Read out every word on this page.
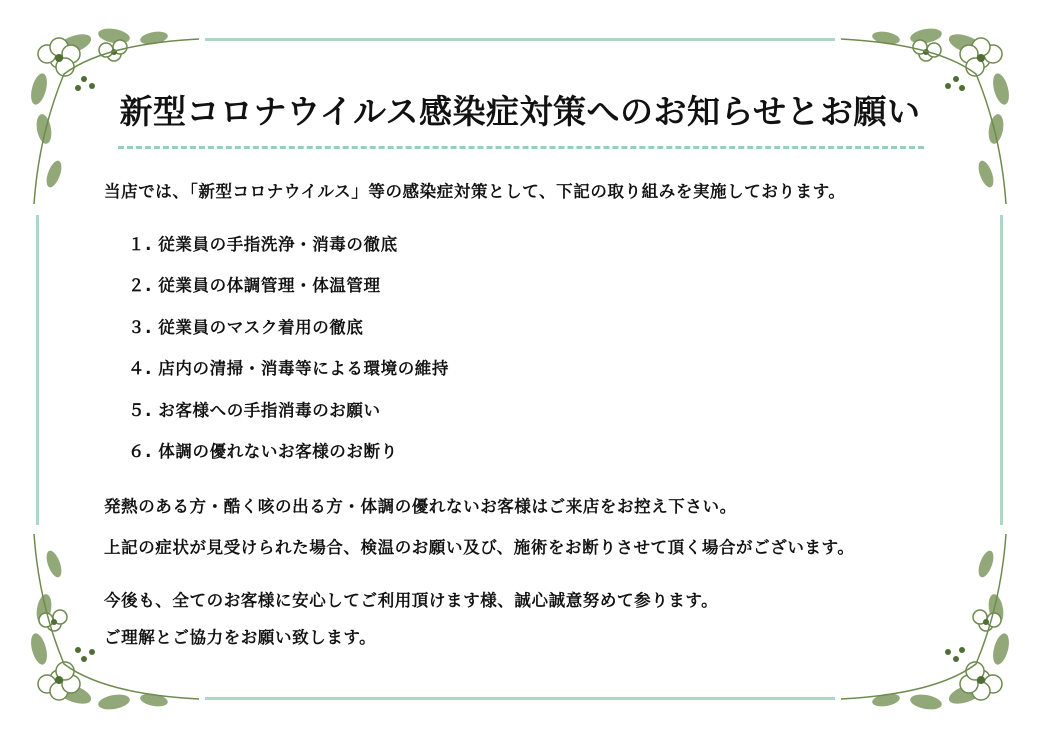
新型コロナウイルス感染症対策へのお知らせとお願い
当店では、「新型コロナウイルス」等の感染症対策として、下記の取り組みを実施しております。
１. 従業員の手指洗浄・消毒の徹底
２. 従業員の体調管理・体温管理
３. 従業員のマスク着用の徹底
４. 店内の清掃・消毒等による環境の維持
５. お客様への手指消毒のお願い
６. 体調の優れないお客様のお断り
発熱のある方・酷く咳の出る方・体調の優れないお客様はご来店をお控え下さい。
上記の症状が見受けられた場合、検温のお願い及び、施術をお断りさせて頂く場合がございます。
今後も、全てのお客様に安心してご利用頂けます様、誠心誠意努めて参ります。
ご理解とご協力をお願い致します。
